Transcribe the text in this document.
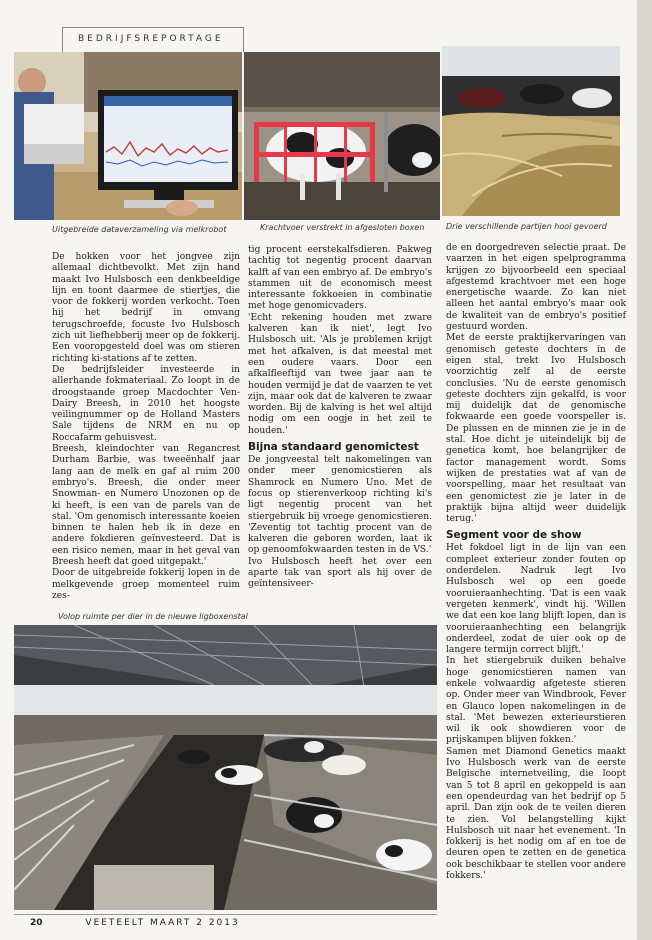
BEDRIJFSREPORTAGE
Uitgebreide dataverzameling via melkrobot	Krachtvoer verstrekt in afgesloten boxen	Drie verschillende partijen hooi gevoerd

De hokken voor het jongvee zijn allemaal dichtbevolkt. Met zijn hand maakt Ivo Hulsbosch een denkbeeldige lijn en toont daarmee de stiertjes, die voor de fokkerij worden verkocht. Toen hij het bedrijf in omvang terugschroefde, focuste Ivo Hulsbosch zich uit liefhebberij meer op de fokkerij. Een vooropgesteld doel was om stieren richting ki-stations af te zetten.

De bedrijfsleider investeerde in allerhande fokmateriaal. Zo loopt in de droogstaande groep Macdochter Ven-Dairy Breesh, in 2010 het hoogste veilingnummer op de Holland Masters Sale tijdens de NRM en nu op Roccafarm gehuisvest.

Breesh, kleindochter van Regancrest Durham Barbie, was tweeënhalf jaar lang aan de melk en gaf al ruim 200 embryo's. Breesh, die onder meer Snowman- en Numero Unozonen op de ki heeft, is een van de parels van de stal. 'Om genomisch interessante koeien binnen te halen heb ik in deze en andere fokdieren geïnvesteerd. Dat is een risico nemen, maar in het geval van Breesh heeft dat goed uitgepakt.'

Door de uitgebreide fokkerij lopen in de melkgevende groep momenteel ruim zes-

tig procent eerstekalfsdieren. Pakweg tachtig tot negentig procent daarvan kalft af van een embryo af. De embryo's stammen uit de economisch meest interessante fokkoeien in combinatie met hoge genomicvaders.

'Echt rekening houden met zware kalveren kan ik niet', legt Ivo Hulsbosch uit. 'Als je problemen krijgt met het afkalven, is dat meestal met een oudere vaars. Door een afkalfleeftijd van twee jaar aan te houden vermijd je dat de vaarzen te vet zijn, maar ook dat de kalveren te zwaar worden. Bij de kalving is het wel altijd nodig om een oogje in het zeil te houden.'

Bijna standaard genomictest

De jongveestal telt nakomelingen van onder meer genomicstieren als Shamrock en Numero Uno. Met de focus op stierenverkoop richting ki's ligt negentig procent van het stiergebruik bij vroege genomicstieren. 'Zeventig tot tachtig procent van de kalveren die geboren worden, laat ik op genoomfokwaarden testen in de VS.'

Ivo Hulsbosch heeft het over een aparte tak van sport als hij over de geïntensiveer-

de en doorgedreven selectie praat. De vaarzen in het eigen spelprogramma krijgen zo bijvoorbeeld een speciaal afgestemd krachtvoer met een hoge energetische waarde. Zo kan niet alleen het aantal embryo's maar ook de kwaliteit van de embryo's positief gestuurd worden.

Met de eerste praktijkervaringen van genomisch geteste dochters in de eigen stal, trekt Ivo Hulsbosch voorzichtig zelf al de eerste conclusies. 'Nu de eerste genomisch geteste dochters zijn gekalfd, is voor mij duidelijk dat de genomische fokwaarde een goede voorspeller is. De plussen en de minnen zie je in de stal. Hoe dicht je uiteindelijk bij de genetica komt, hoe belangrijker de factor management wordt. Soms wijken de prestaties wat af van de voorspelling, maar het resultaat van een genomictest zie je later in de praktijk bijna altijd weer duidelijk terug.'

Segment voor de show

Het fokdoel ligt in de lijn van een compleet exterieur zonder fouten op onderdelen. Nadruk legt Ivo Hulsbosch wel op een goede vooruieraanhechting. 'Dat is een vaak vergeten kenmerk', vindt hij. 'Willen we dat een koe lang blijft lopen, dan is vooruieraanhechting een belangrijk onderdeel, zodat de uier ook op de langere termijn correct blijft.'

In het stiergebruik duiken behalve hoge genomicstieren namen van enkele volwaardig afgeteste stieren op. Onder meer van Windbrook, Fever en Glauco lopen nakomelingen in de stal. 'Met bewezen exterieurstieren wil ik ook showdieren voor de prijskampen blijven fokken.'

Samen met Diamond Genetics maakt Ivo Hulsbosch werk van de eerste Belgische internetveiling, die loopt van 5 tot 8 april en gekoppeld is aan een opendeurdag van het bedrijf op 5 april. Dan zijn ook de te veilen dieren te zien. Vol belangstelling kijkt Hulsbosch uit naar het evenement. 'In fokkerij is het nodig om af en toe de deuren open te zetten en de genetica ook beschikbaar te stellen voor andere fokkers.'

Volop ruimte per dier in de nieuwe ligboxenstal
20	VEETEELT MAART 2 2013
